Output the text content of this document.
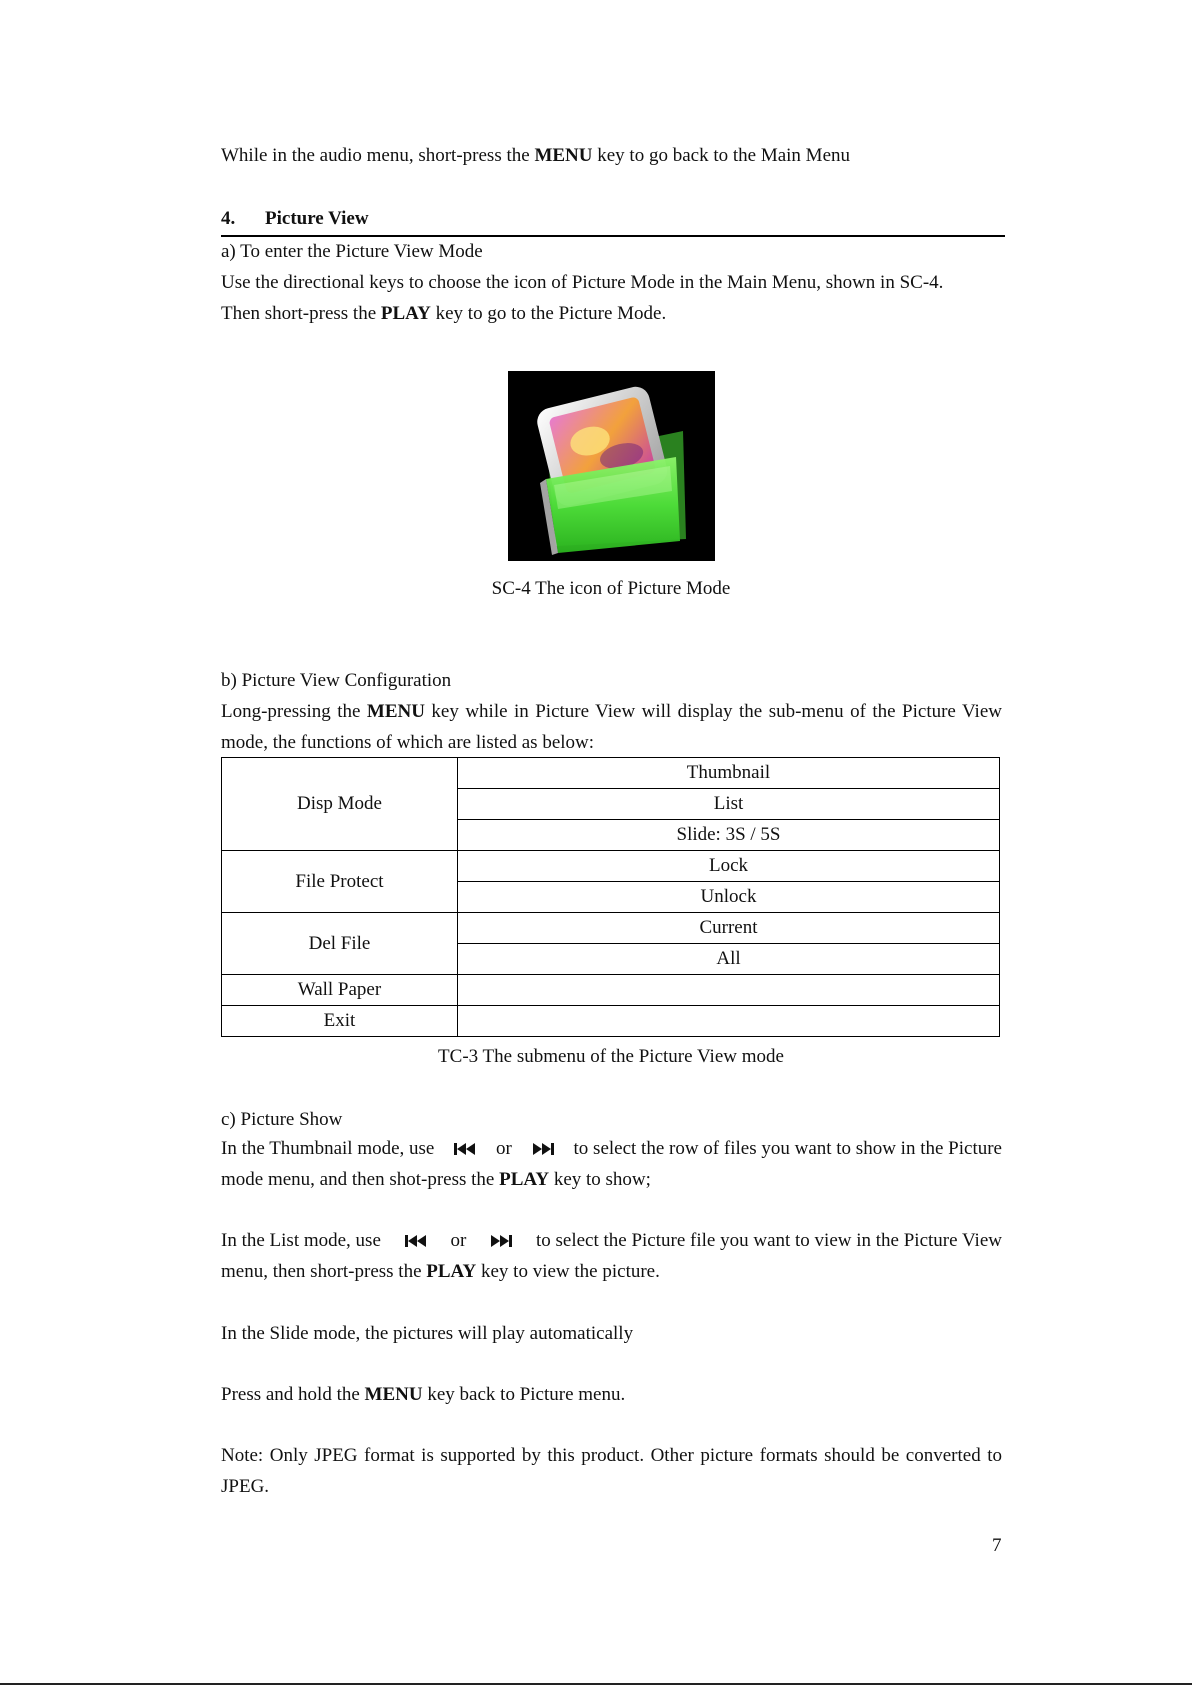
While in the audio menu, short-press the MENU key to go back to the Main Menu

4. Picture View

a) To enter the Picture View Mode

Use the directional keys to choose the icon of Picture Mode in the Main Menu, shown in SC-4.

Then short-press the PLAY key to go to the Picture Mode.

SC-4 The icon of Picture Mode

b) Picture View Configuration

Long-pressing the MENU key while in Picture View will display the sub-menu of the Picture View mode, the functions of which are listed as below:

Disp Mode	Thumbnail
	List
	Slide: 3S / 5S
File Protect	Lock
	Unlock
Del File	Current
	All
Wall Paper	
Exit	

TC-3 The submenu of the Picture View mode

c) Picture Show

In the Thumbnail mode, use	or	to select the row of files you want to show in the Picture

mode menu, and then shot-press the PLAY key to show;

In the List mode, use	or	to select the Picture file you want to view in the Picture View

menu, then short-press the PLAY key to view the picture.

In the Slide mode, the pictures will play automatically

Press and hold the MENU key back to Picture menu.

Note: Only JPEG format is supported by this product. Other picture formats should be converted to JPEG.

7
